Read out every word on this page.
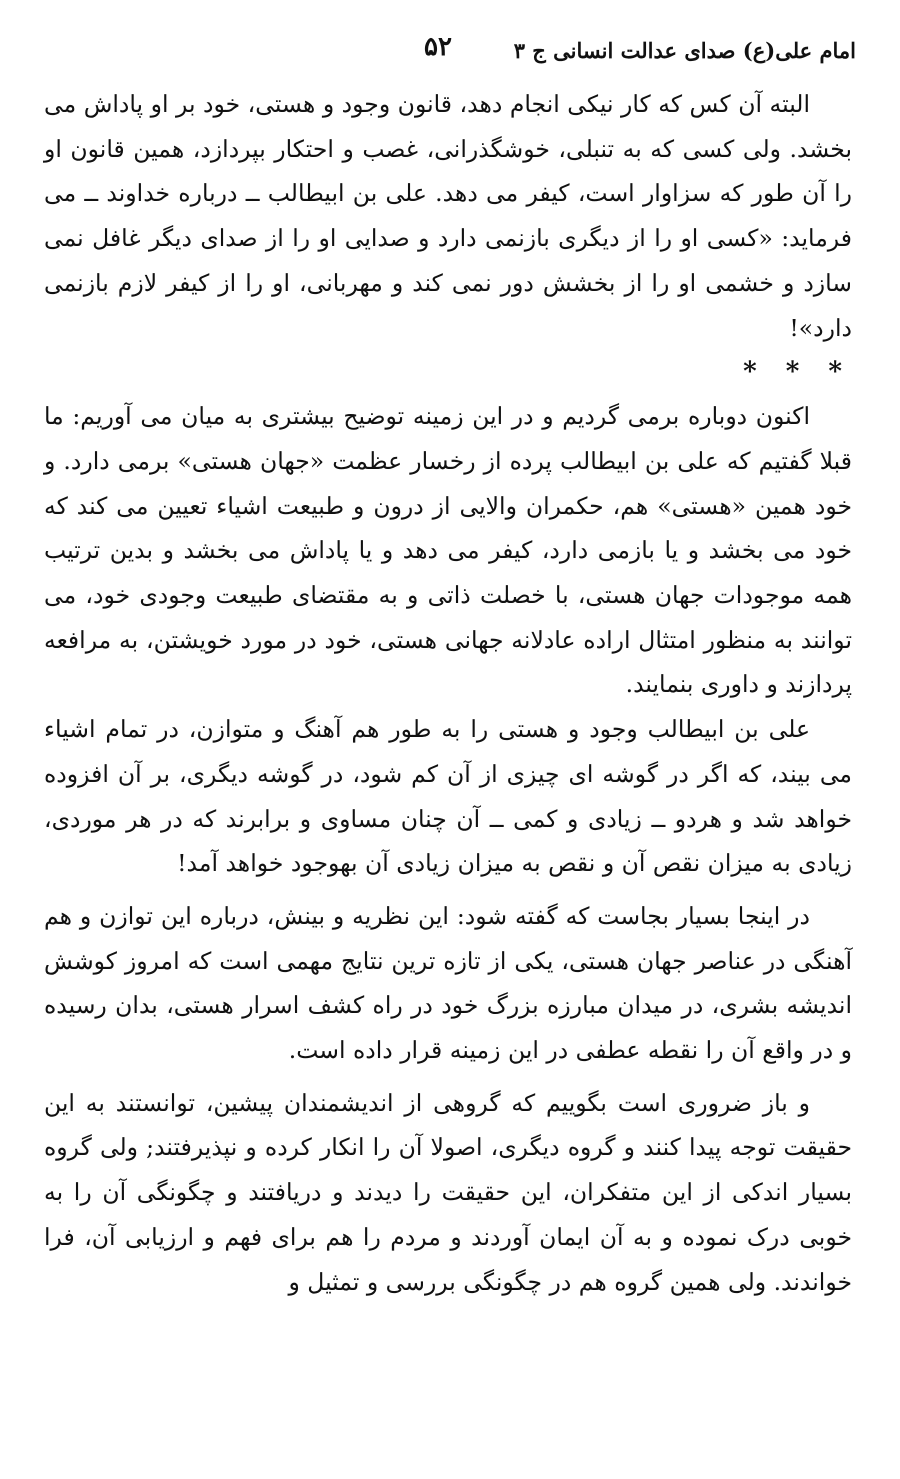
امام علی(ع) صدای عدالت انسانی ج ۳
۵۲

البته آن کس که کار نیکی انجام دهد، قانون وجود و هستی، خود بر او پاداش می بخشد. ولی کسی که به تنبلی، خوشگذرانی، غصب و احتکار بپردازد، همین قانون او را آن طور که سزاوار است، کیفر می دهد. علی بن ابیطالب ــ درباره خداوند ــ می فرماید: «کسی او را از دیگری بازنمی دارد و صدایی او را از صدای دیگر غافل نمی سازد و خشمی او را از بخشش دور نمی کند و مهربانی، او را از کیفر لازم بازنمی دارد»!

* * *

اکنون دوباره برمی گردیم و در این زمینه توضیح بیشتری به میان می آوریم: ما قبلا گفتیم که علی بن ابیطالب پرده از رخسار عظمت «جهان هستی» برمی دارد. و خود همین «هستی» هم، حکمران والایی از درون و طبیعت اشیاء تعیین می کند که خود می بخشد و یا بازمی دارد، کیفر می دهد و یا پاداش می بخشد و بدین ترتیب همه موجودات جهان هستی، با خصلت ذاتی و به مقتضای طبیعت وجودی خود، می توانند به منظور امتثال اراده عادلانه جهانی هستی، خود در مورد خویشتن، به مرافعه پردازند و داوری بنمایند.

علی بن ابیطالب وجود و هستی را به طور هم آهنگ و متوازن، در تمام اشیاء می بیند، که اگر در گوشه ای چیزی از آن کم شود، در گوشه دیگری، بر آن افزوده خواهد شد و هردو ــ زیادی و کمی ــ آن چنان مساوی و برابرند که در هر موردی، زیادی به میزان نقص آن و نقص به میزان زیادی آن بهوجود خواهد آمد!

در اینجا بسیار بجاست که گفته شود: این نظریه و بینش، درباره این توازن و هم آهنگی در عناصر جهان هستی، یکی از تازه ترین نتایج مهمی است که امروز کوشش اندیشه بشری، در میدان مبارزه بزرگ خود در راه کشف اسرار هستی، بدان رسیده و در واقع آن را نقطه عطفی در این زمینه قرار داده است.

و باز ضروری است بگوییم که گروهی از اندیشمندان پیشین، توانستند به این حقیقت توجه پیدا کنند و گروه دیگری، اصولا آن را انکار کرده و نپذیرفتند; ولی گروه بسیار اندکی از این متفکران، این حقیقت را دیدند و دریافتند و چگونگی آن را به خوبی درک نموده و به آن ایمان آوردند و مردم را هم برای فهم و ارزیابی آن، فرا خواندند. ولی همین گروه هم در چگونگی بررسی و تمثیل و
